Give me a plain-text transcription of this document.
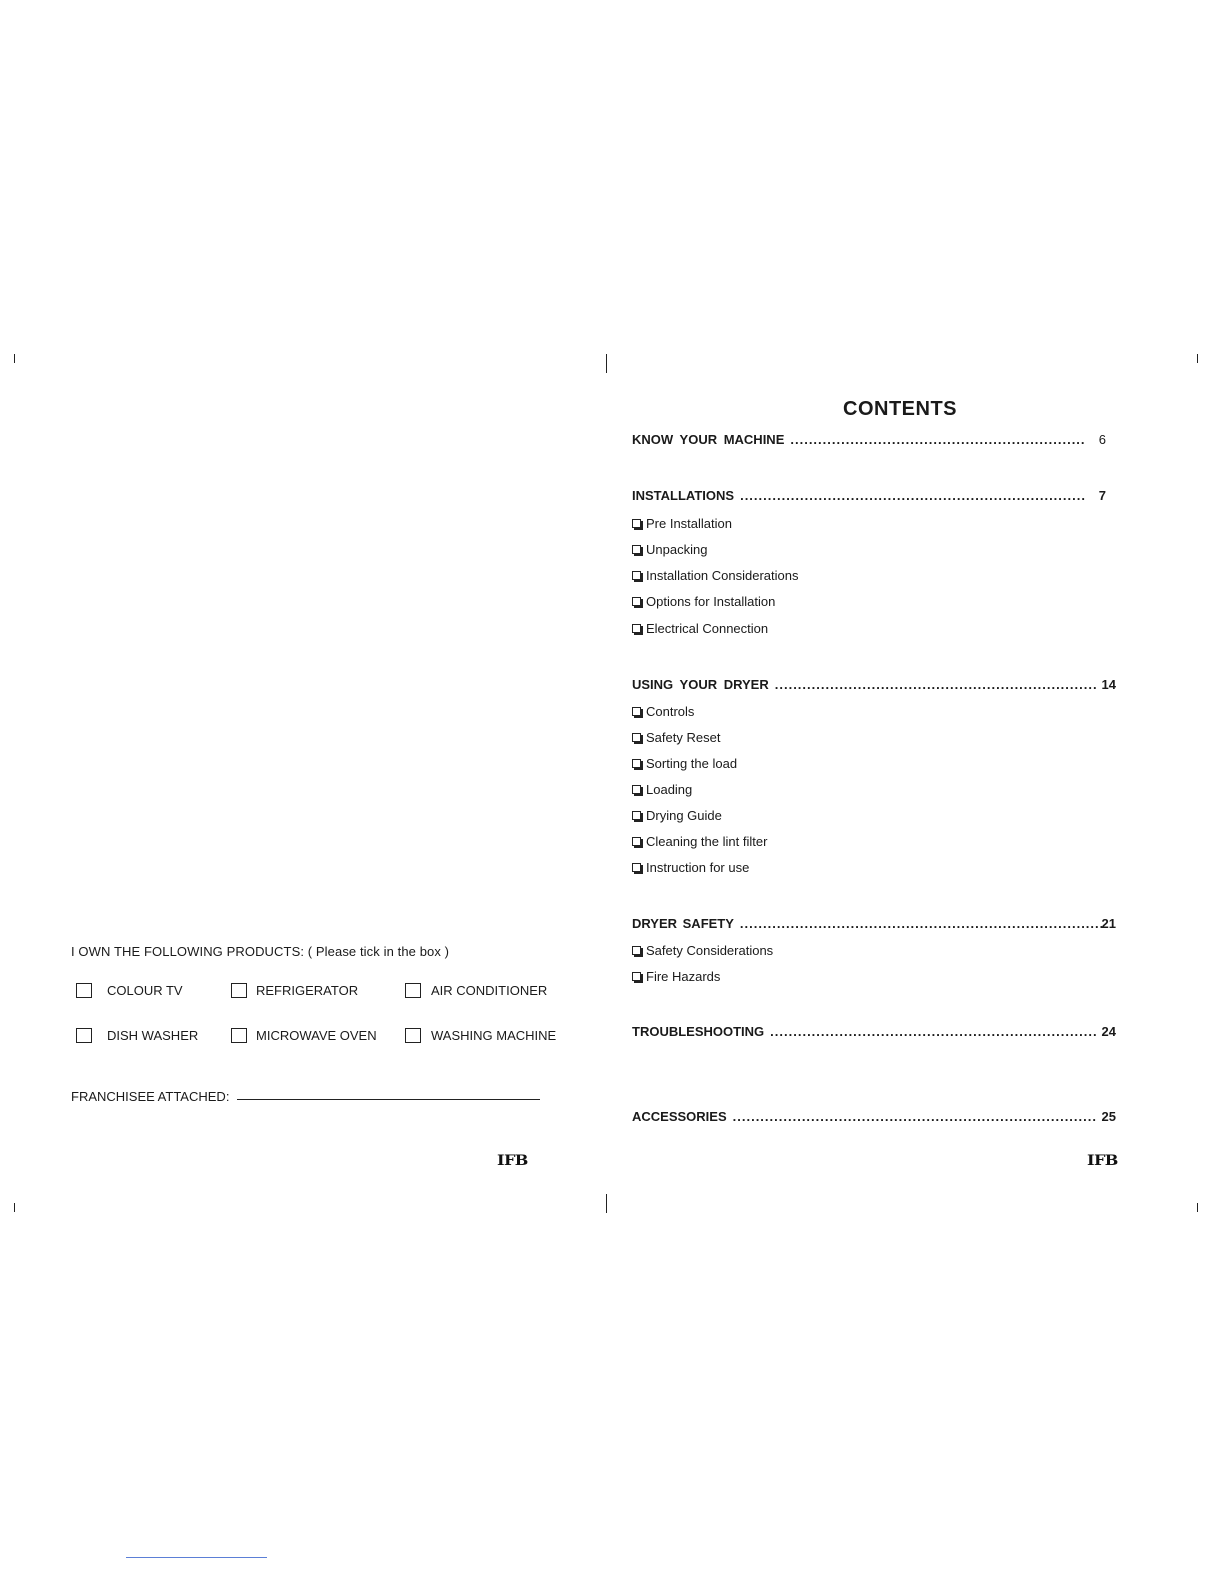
I OWN THE FOLLOWING PRODUCTS: ( Please tick in the box )
COLOUR TV	REFRIGERATOR	AIR CONDITIONER
DISH WASHER	MICROWAVE OVEN	WASHING MACHINE
FRANCHISEE ATTACHED:
IFB
CONTENTS
KNOW YOUR MACHINE .....	6
INSTALLATIONS .....	7
Pre Installation
Unpacking
Installation Considerations
Options for Installation
Electrical Connection
USING YOUR DRYER .....	14
Controls
Safety Reset
Sorting the load
Loading
Drying Guide
Cleaning the lint filter
Instruction for use
DRYER SAFETY .....	21
Safety Considerations
Fire Hazards
TROUBLESHOOTING .....	24
ACCESSORIES .....	25
IFB
